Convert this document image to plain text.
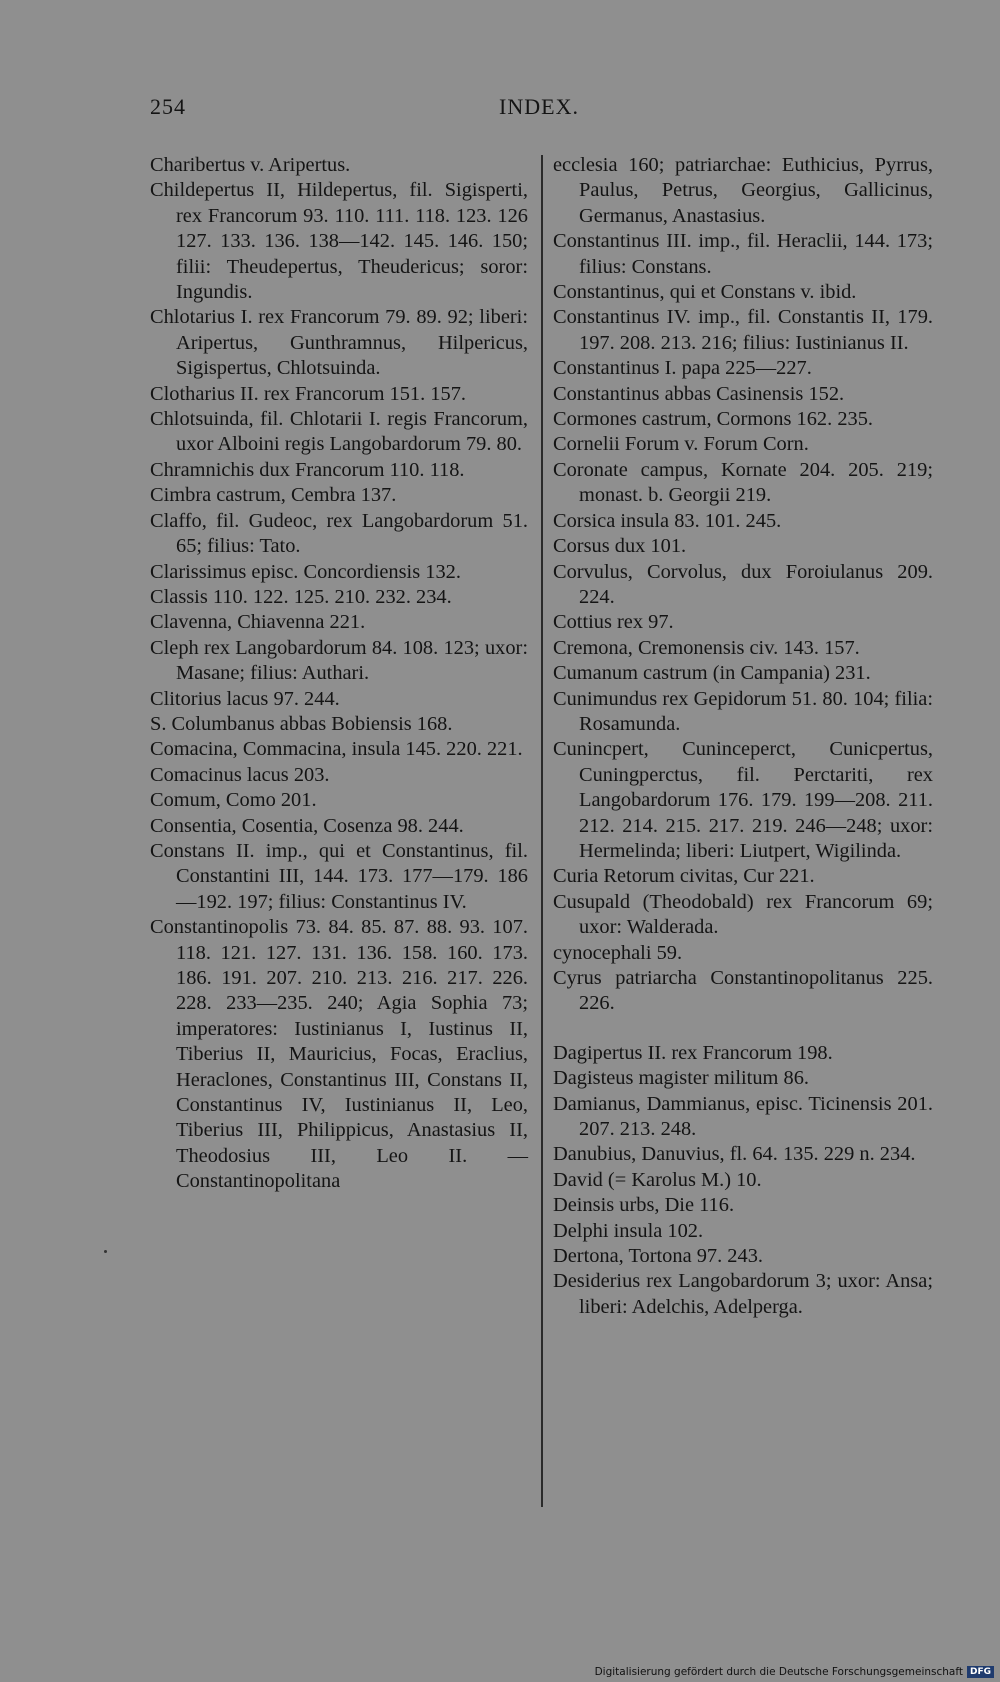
254	INDEX.
Charibertus v. Aripertus.
Childepertus II, Hildepertus, fil. Sigisperti, rex Francorum 93. 110. 111. 118. 123. 126 127. 133. 136. 138—142. 145. 146. 150; filii: Theudepertus, Theudericus; soror: Ingundis.
Chlotarius I. rex Francorum 79. 89. 92; liberi: Aripertus, Gunthramnus, Hilpericus, Sigispertus, Chlotsuinda.
Clotharius II. rex Francorum 151. 157.
Chlotsuinda, fil. Chlotarii I. regis Francorum, uxor Alboini regis Langobardorum 79. 80.
Chramnichis dux Francorum 110. 118.
Cimbra castrum, Cembra 137.
Claffo, fil. Gudeoc, rex Langobardorum 51. 65; filius: Tato.
Clarissimus episc. Concordiensis 132.
Classis 110. 122. 125. 210. 232. 234.
Clavenna, Chiavenna 221.
Cleph rex Langobardorum 84. 108. 123; uxor: Masane; filius: Authari.
Clitorius lacus 97. 244.
S. Columbanus abbas Bobiensis 168.
Comacina, Commacina, insula 145. 220. 221.
Comacinus lacus 203.
Comum, Como 201.
Consentia, Cosentia, Cosenza 98. 244.
Constans II. imp., qui et Constantinus, fil. Constantini III, 144. 173. 177—179. 186—192. 197; filius: Constantinus IV.
Constantinopolis 73. 84. 85. 87. 88. 93. 107. 118. 121. 127. 131. 136. 158. 160. 173. 186. 191. 207. 210. 213. 216. 217. 226. 228. 233—235. 240; Agia Sophia 73; imperatores: Iustinianus I, Iustinus II, Tiberius II, Mauricius, Focas, Eraclius, Heraclones, Constantinus III, Constans II, Constantinus IV, Iustinianus II, Leo, Tiberius III, Philippicus, Anastasius II, Theodosius III, Leo II. — Constantinopolitana
ecclesia 160; patriarchae: Euthicius, Pyrrus, Paulus, Petrus, Georgius, Gallicinus, Germanus, Anastasius.
Constantinus III. imp., fil. Heraclii, 144. 173; filius: Constans.
Constantinus, qui et Constans v. ibid.
Constantinus IV. imp., fil. Constantis II, 179. 197. 208. 213. 216; filius: Iustinianus II.
Constantinus I. papa 225—227.
Constantinus abbas Casinensis 152.
Cormones castrum, Cormons 162. 235.
Cornelii Forum v. Forum Corn.
Coronate campus, Kornate 204. 205. 219; monast. b. Georgii 219.
Corsica insula 83. 101. 245.
Corsus dux 101.
Corvulus, Corvolus, dux Foroiulanus 209. 224.
Cottius rex 97.
Cremona, Cremonensis civ. 143. 157.
Cumanum castrum (in Campania) 231.
Cunimundus rex Gepidorum 51. 80. 104; filia: Rosamunda.
Cunincpert, Cuninceperct, Cunicpertus, Cuningperctus, fil. Perctariti, rex Langobardorum 176. 179. 199—208. 211. 212. 214. 215. 217. 219. 246—248; uxor: Hermelinda; liberi: Liutpert, Wigilinda.
Curia Retorum civitas, Cur 221.
Cusupald (Theodobald) rex Francorum 69; uxor: Walderada.
cynocephali 59.
Cyrus patriarcha Constantinopolitanus 225. 226.
Dagipertus II. rex Francorum 198.
Dagisteus magister militum 86.
Damianus, Dammianus, episc. Ticinensis 201. 207. 213. 248.
Danubius, Danuvius, fl. 64. 135. 229 n. 234.
David (= Karolus M.) 10.
Deinsis urbs, Die 116.
Delphi insula 102.
Dertona, Tortona 97. 243.
Desiderius rex Langobardorum 3; uxor: Ansa; liberi: Adelchis, Adelperga.
Digitalisierung gefördert durch die Deutsche Forschungsgemeinschaft DFG
